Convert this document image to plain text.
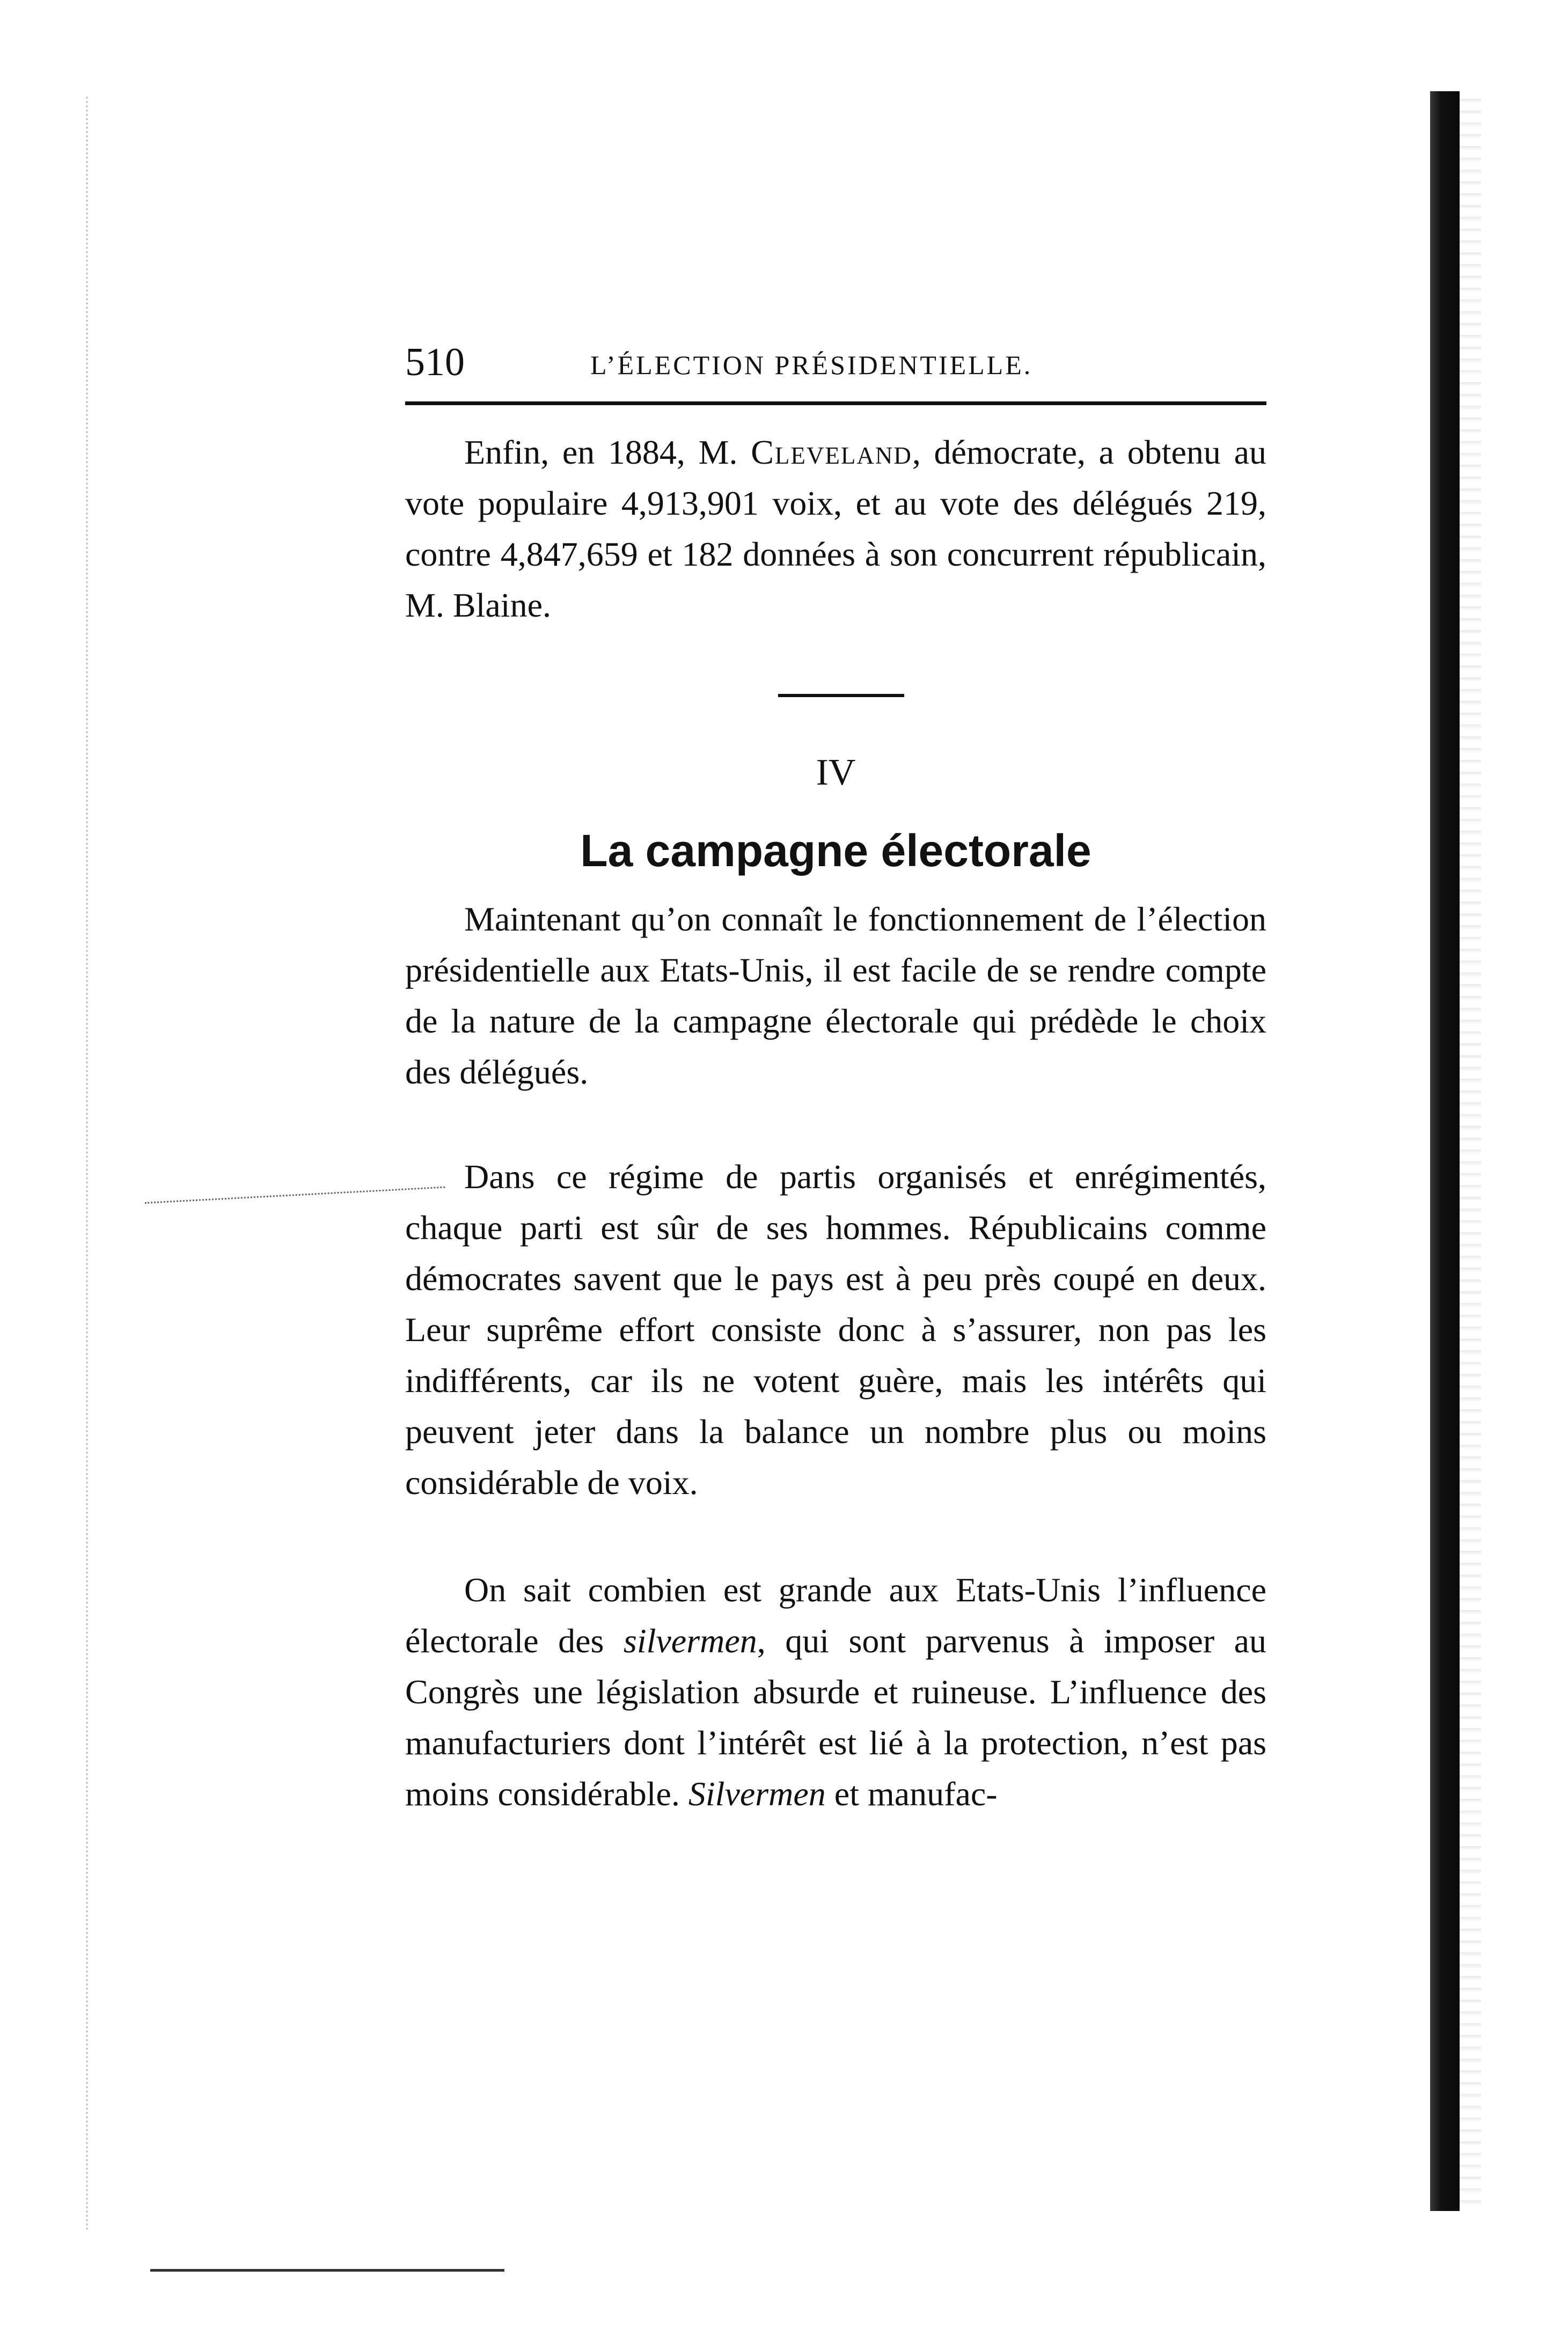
510	L’ÉLECTION PRÉSIDENTIELLE.

Enfin, en 1884, M. Cleveland, démocrate, a obtenu au vote populaire 4,913,901 voix, et au vote des délégués 219, contre 4,847,659 et 182 données à son concurrent républicain, M. Blaine.

IV
La campagne électorale

Maintenant qu’on connaît le fonctionnement de l’élection présidentielle aux Etats-Unis, il est facile de se rendre compte de la nature de la campagne électorale qui prédède le choix des délégués.

Dans ce régime de partis organisés et enrégimentés, chaque parti est sûr de ses hommes. Républicains comme démocrates savent que le pays est à peu près coupé en deux. Leur suprême effort consiste donc à s’assurer, non pas les indifférents, car ils ne votent guère, mais les intérêts qui peuvent jeter dans la balance un nombre plus ou moins considérable de voix.

On sait combien est grande aux Etats-Unis l’influence électorale des silvermen, qui sont parvenus à imposer au Congrès une législation absurde et ruineuse. L’influence des manufacturiers dont l’intérêt est lié à la protection, n’est pas moins considérable. Silvermen et manufac-
